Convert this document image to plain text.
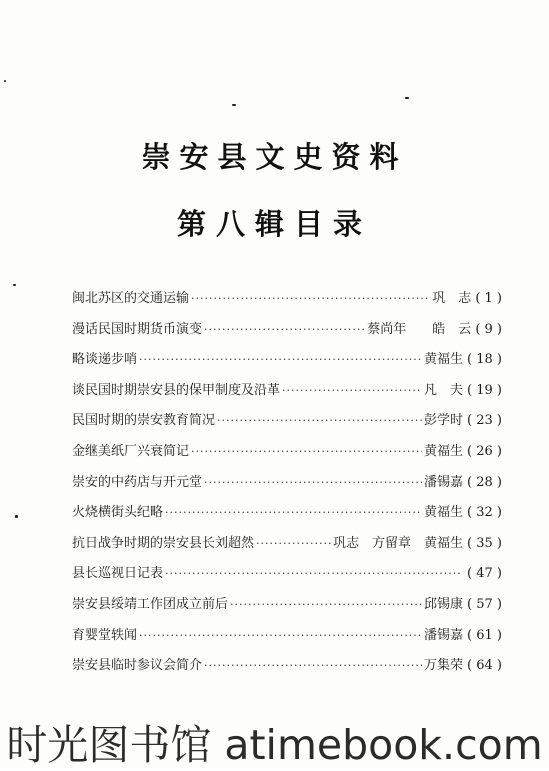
崇安县文史资料
第八辑目录
闽北苏区的交通运输 ·····	巩　志 ( 1 )
漫话民国时期货币演变 ·····	蔡尚年　　皓　云 ( 9 )
略谈递步哨 ·····	黄福生 ( 18 )
谈民国时期崇安县的保甲制度及沿革 ·····	凡　夫 ( 19 )
民国时期的崇安教育简况 ·····	彭学时 ( 23 )
金继美纸厂兴衰简记 ·····	黄福生 ( 26 )
崇安的中药店与开元堂 ·····	潘锡嘉 ( 28 )
火烧横街头纪略 ·····	黄福生 ( 32 )
抗日战争时期的崇安县长刘超然 ·····	巩志　方留章　黄福生 ( 35 )
县长巡视日记表 ·····	( 47 )
崇安县绥靖工作团成立前后 ·····	邱锡康 ( 57 )
育婴堂轶闻 ·····	潘锡嘉 ( 61 )
崇安县临时参议会简介 ·····	万集荣 ( 64 )
时光图书馆 atimebook.com
